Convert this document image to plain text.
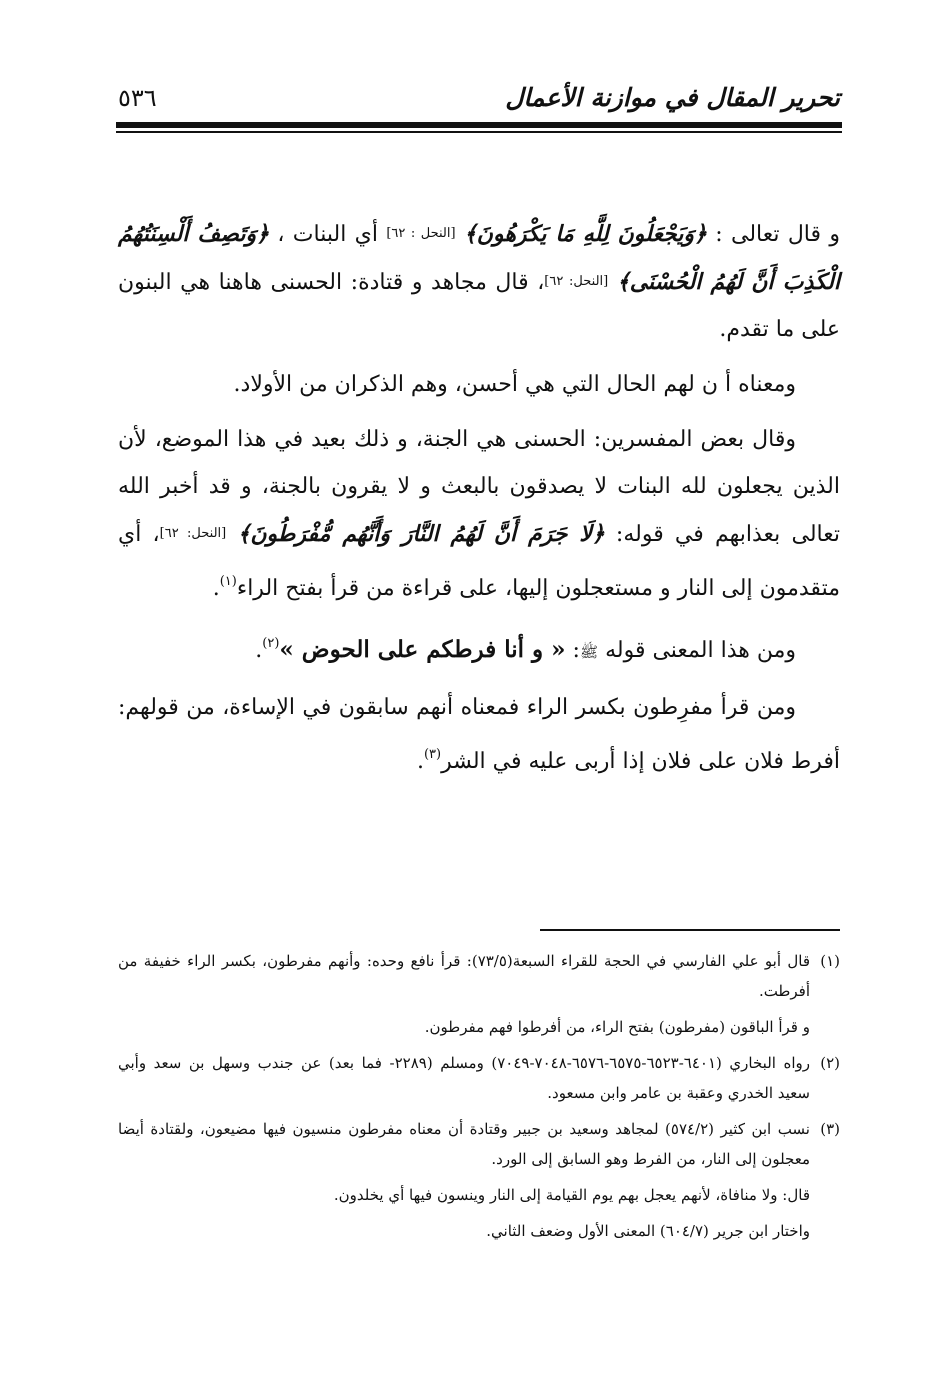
تحرير المقال في موازنة الأعمال
٥٣٦

و قال تعالى : ﴿وَيَجْعَلُونَ لِلَّهِ مَا يَكْرَهُونَ﴾ [النحل : ٦٢] أي البنات ، ﴿وَتَصِفُ أَلْسِنَتُهُمُ الْكَذِبَ أَنَّ لَهُمُ الْحُسْنَى﴾ [النحل: ٦٢]، قال مجاهد و قتادة: الحسنى هاهنا هي البنون على ما تقدم.

ومعناه أ ن لهم الحال التي هي أحسن، وهم الذكران من الأولاد.

وقال بعض المفسرين: الحسنى هي الجنة، و ذلك بعيد في هذا الموضع، لأن الذين يجعلون لله البنات لا يصدقون بالبعث و لا يقرون بالجنة، و قد أخبر الله تعالى بعذابهم في قوله: ﴿لَا جَرَمَ أَنَّ لَهُمُ النَّارَ وَأَنَّهُم مُّفْرَطُونَ﴾ [النحل: ٦٢]، أي متقدمون إلى النار و مستعجلون إليها، على قراءة من قرأ بفتح الراء$^{(١)}$.

ومن هذا المعنى قوله ﷺ: « و أنا فرطكم على الحوض »$^{(٢)}$.

ومن قرأ مفرِطون بكسر الراء فمعناه أنهم سابقون في الإساءة، من قولهم: أفرط فلان على فلان إذا أربى عليه في الشر$^{(٣)}$.

(١)
قال أبو علي الفارسي في الحجة للقراء السبعة(٧٣/٥): قرأ نافع وحده: وأنهم مفرطون، بكسر الراء خفيفة من أفرطت.
و قرأ الباقون (مفرطون) بفتح الراء، من أفرطوا فهم مفرطون.
(٢)
رواه البخاري (٦٤٠١-٦٥٢٣-٦٥٧٥-٦٥٧٦-٧٠٤٨-٧٠٤٩) ومسلم (٢٢٨٩- فما بعد) عن جندب وسهل بن سعد وأبي سعيد الخدري وعقبة بن عامر وابن مسعود.
(٣)
نسب ابن كثير (٥٧٤/٢) لمجاهد وسعيد بن جبير وقتادة أن معناه مفرطون منسيون فيها مضيعون، ولقتادة أيضا معجلون إلى النار، من الفرط وهو السابق إلى الورد.
قال: ولا منافاة، لأنهم يعجل بهم يوم القيامة إلى النار وينسون فيها أي يخلدون.
واختار ابن جرير (٦٠٤/٧) المعنى الأول وضعف الثاني.
